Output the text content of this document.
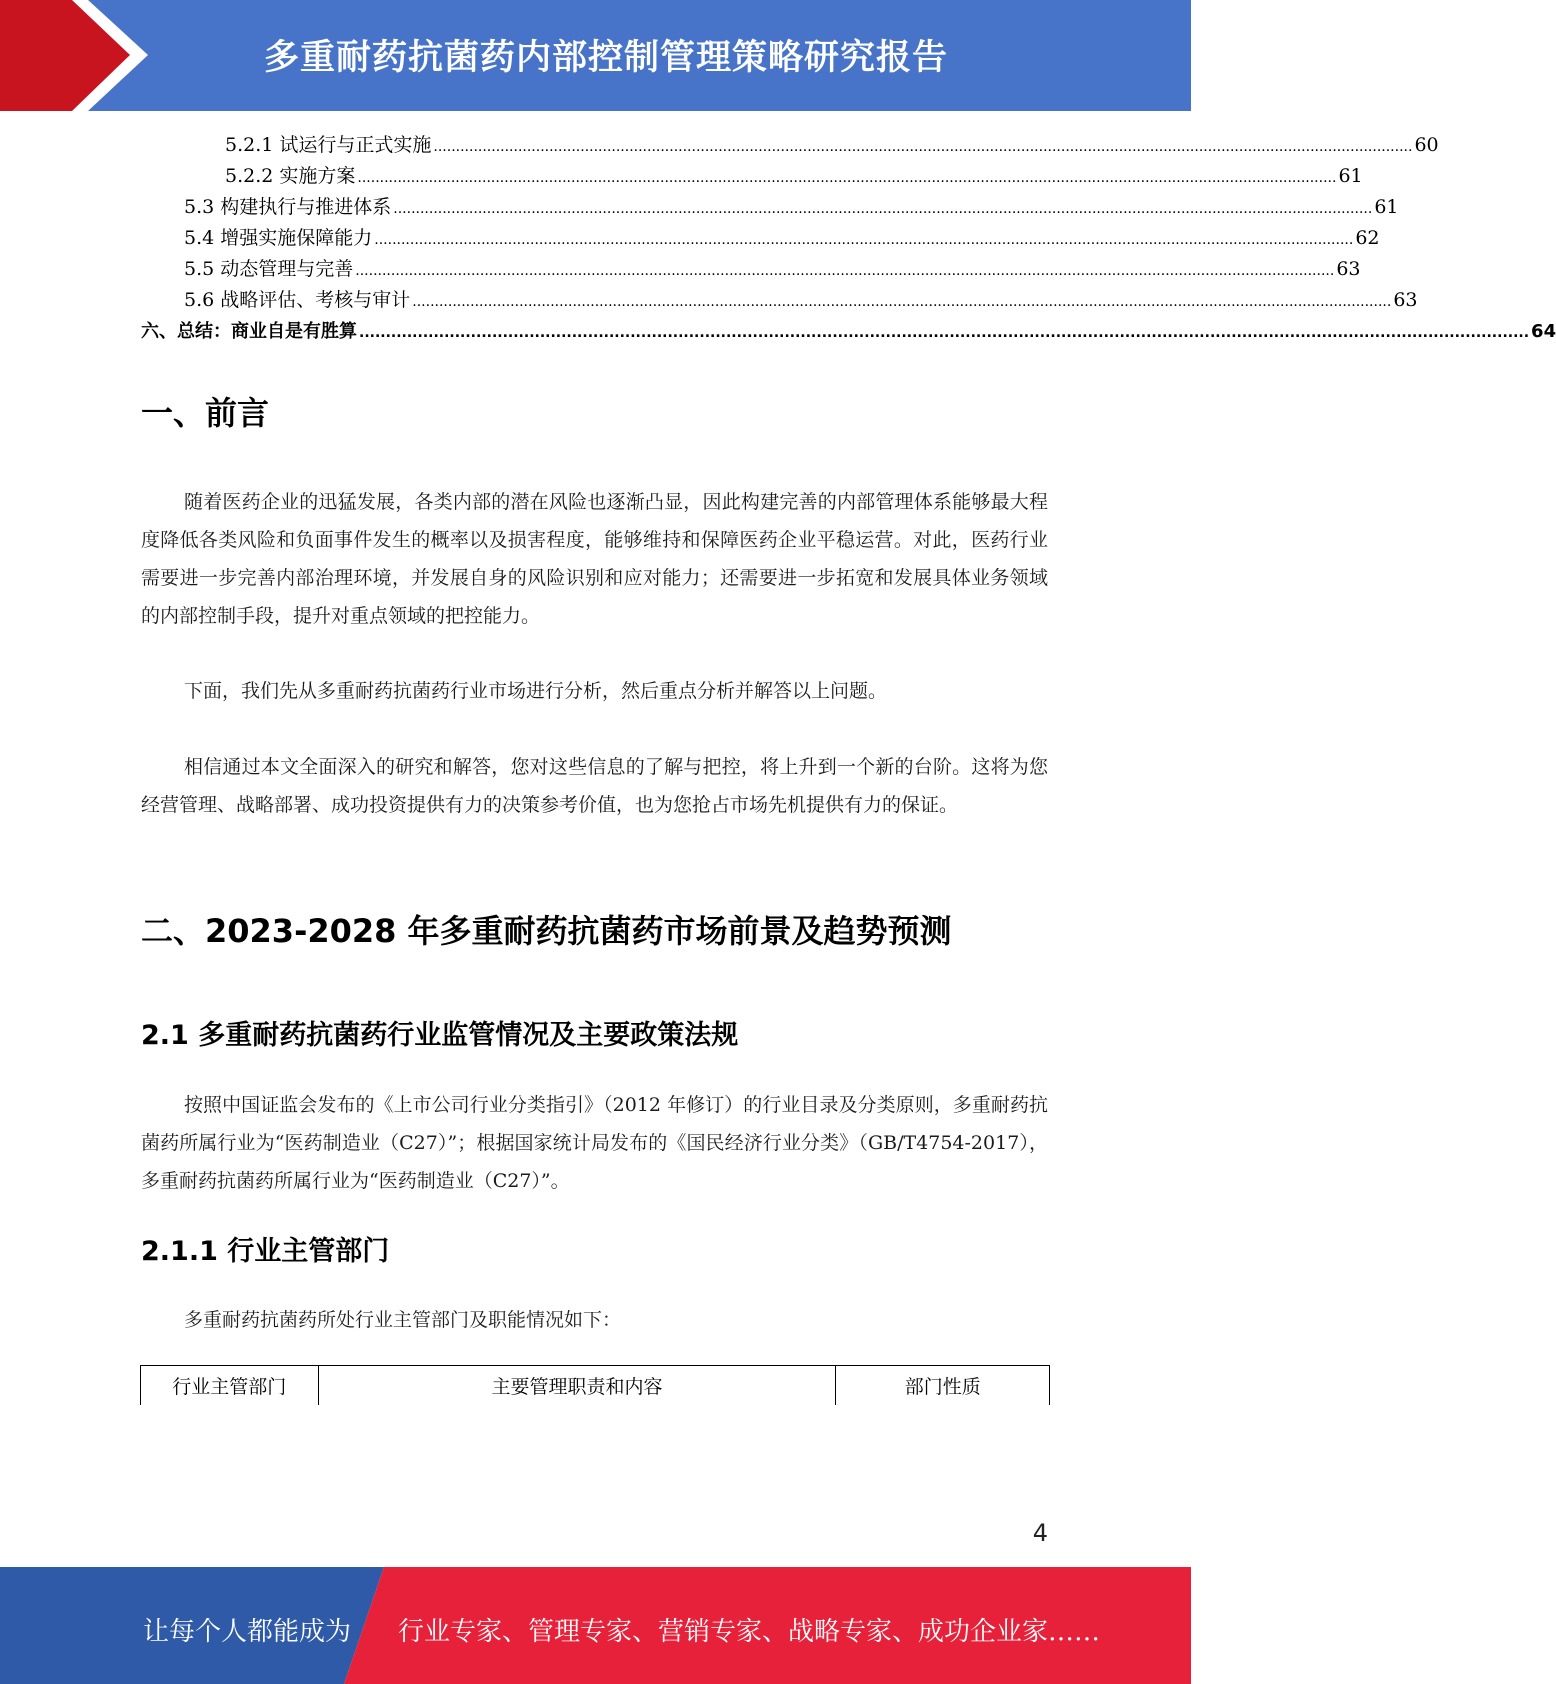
多重耐药抗菌药内部控制管理策略研究报告
5.2.1 试运行与正式实施 ............................................................................................................................................................................................................................ 60
5.2.2 实施方案 ............................................................................................................................................................................................................................ 61
5.3 构建执行与推进体系 ............................................................................................................................................................................................................................ 61
5.4 增强实施保障能力 ............................................................................................................................................................................................................................ 62
5.5 动态管理与完善 ............................................................................................................................................................................................................................ 63
5.6 战略评估、考核与审计 ............................................................................................................................................................................................................................ 63
六、总结：商业自是有胜算 ............................................................................................................................................................................................................................ 64
一、前言
随着医药企业的迅猛发展，各类内部的潜在风险也逐渐凸显，因此构建完善的内部管理体系能够最大程度降低各类风险和负面事件发生的概率以及损害程度，能够维持和保障医药企业平稳运营。对此，医药行业需要进一步完善内部治理环境，并发展自身的风险识别和应对能力；还需要进一步拓宽和发展具体业务领域的内部控制手段，提升对重点领域的把控能力。
下面，我们先从多重耐药抗菌药行业市场进行分析，然后重点分析并解答以上问题。
相信通过本文全面深入的研究和解答，您对这些信息的了解与把控，将上升到一个新的台阶。这将为您经营管理、战略部署、成功投资提供有力的决策参考价值，也为您抢占市场先机提供有力的保证。
二、2023-2028 年多重耐药抗菌药市场前景及趋势预测
2.1 多重耐药抗菌药行业监管情况及主要政策法规
按照中国证监会发布的《上市公司行业分类指引》（2012 年修订）的行业目录及分类原则，多重耐药抗菌药所属行业为“医药制造业（C27）”；根据国家统计局发布的《国民经济行业分类》（GB/T4754-2017），多重耐药抗菌药所属行业为“医药制造业（C27）”。
2.1.1 行业主管部门
多重耐药抗菌药所处行业主管部门及职能情况如下：
行业主管部门	主要管理职责和内容	部门性质
4
让每个人都能成为 行业专家、管理专家、营销专家、战略专家、成功企业家……
